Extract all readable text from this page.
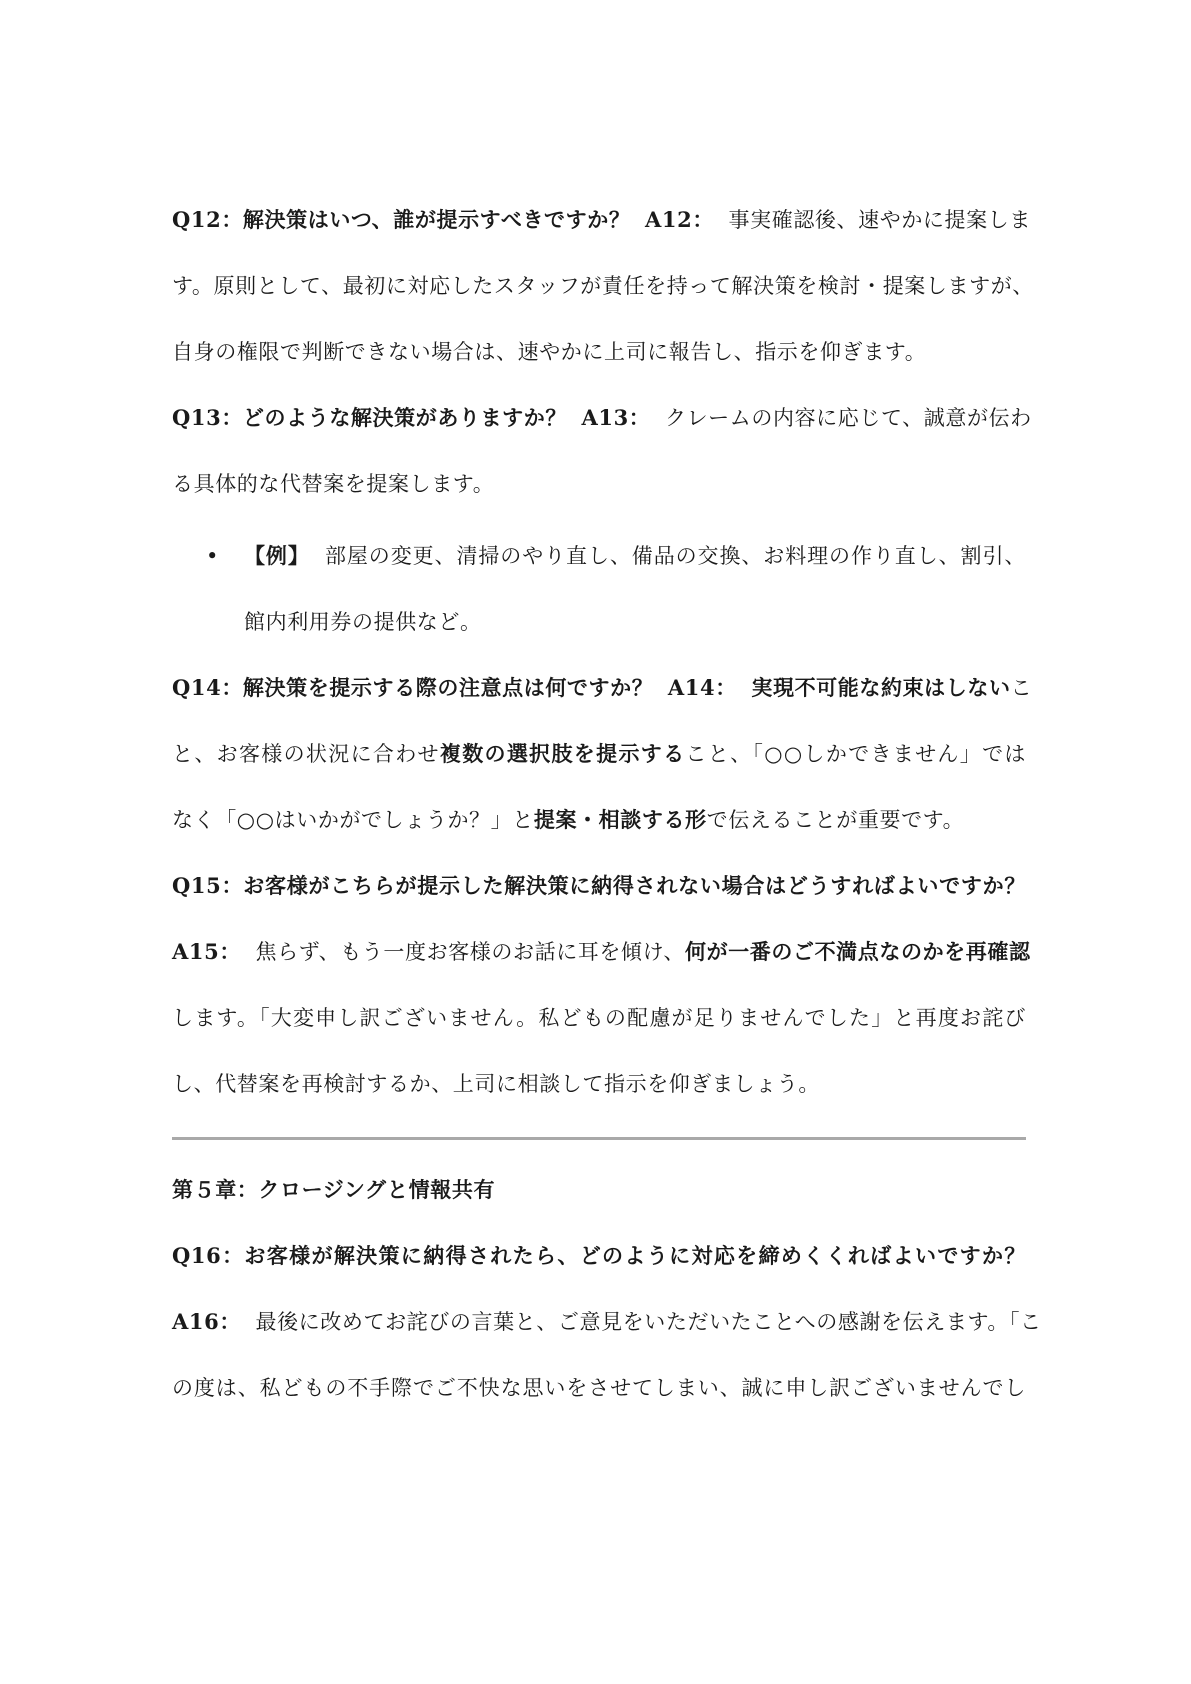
Q12：解決策はいつ、誰が提示すべきですか？ A12： 事実確認後、速やかに提案しま
す。原則として、最初に対応したスタッフが責任を持って解決策を検討・提案しますが、
自身の権限で判断できない場合は、速やかに上司に報告し、指示を仰ぎます。
Q13：どのような解決策がありますか？ A13： クレームの内容に応じて、誠意が伝わ
る具体的な代替案を提案します。
• 【例】 部屋の変更、清掃のやり直し、備品の交換、お料理の作り直し、割引、
館内利用券の提供など。
Q14：解決策を提示する際の注意点は何ですか？ A14： 実現不可能な約束はしないこ
と、お客様の状況に合わせ複数の選択肢を提示すること、「○○しかできません」では
なく「○○はいかがでしょうか？」と提案・相談する形で伝えることが重要です。
Q15：お客様がこちらが提示した解決策に納得されない場合はどうすればよいですか？
A15： 焦らず、もう一度お客様のお話に耳を傾け、何が一番のご不満点なのかを再確認
します。「大変申し訳ございません。私どもの配慮が足りませんでした」と再度お詫び
し、代替案を再検討するか、上司に相談して指示を仰ぎましょう。
第５章：クロージングと情報共有
Q16：お客様が解決策に納得されたら、どのように対応を締めくくればよいですか？
A16： 最後に改めてお詫びの言葉と、ご意見をいただいたことへの感謝を伝えます。「こ
の度は、私どもの不手際でご不快な思いをさせてしまい、誠に申し訳ございませんでし
